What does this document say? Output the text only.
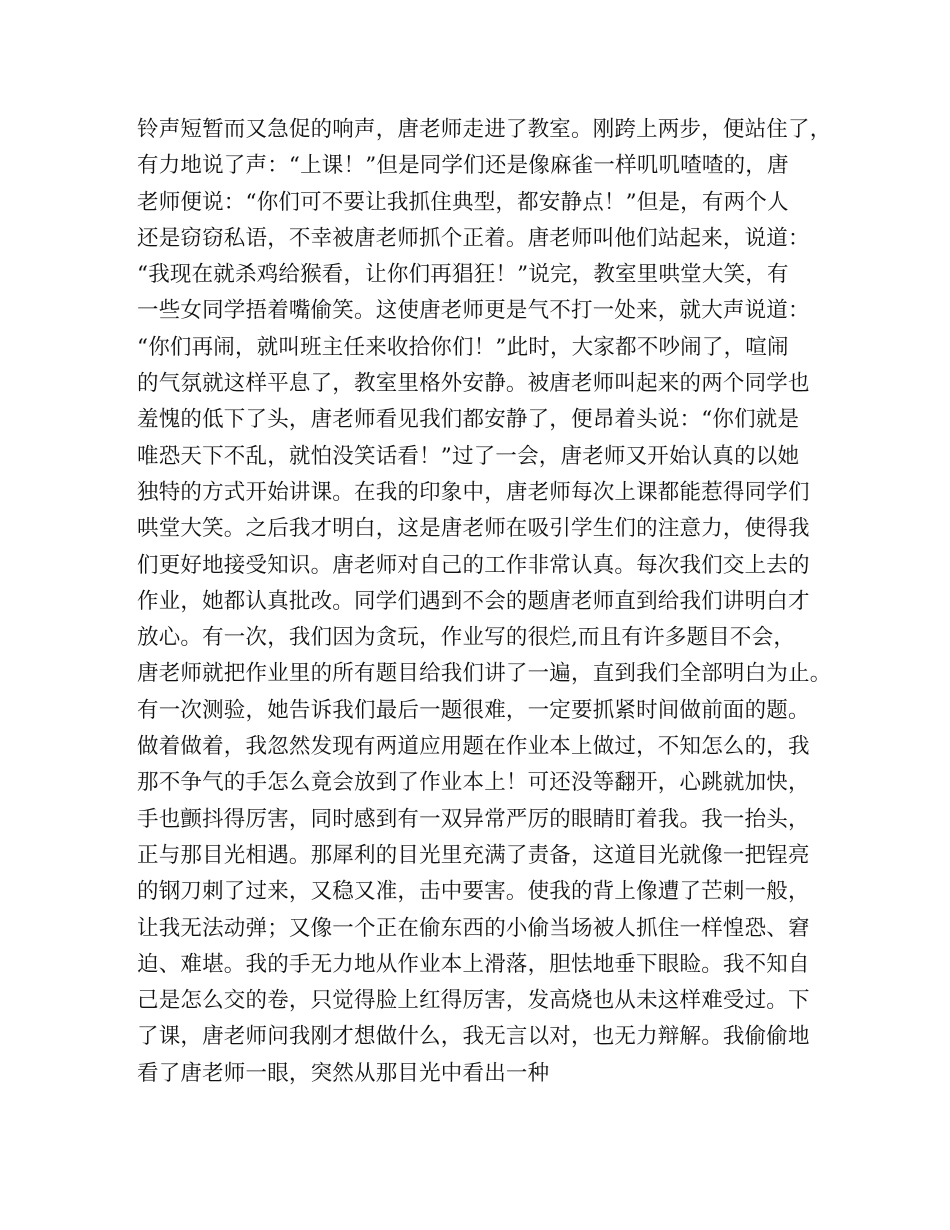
铃声短暂而又急促的响声，唐老师走进了教室。刚跨上两步，便站住了，
有力地说了声：“上课！”但是同学们还是像麻雀一样叽叽喳喳的，唐
老师便说：“你们可不要让我抓住典型，都安静点！”但是，有两个人
还是窃窃私语，不幸被唐老师抓个正着。唐老师叫他们站起来，说道：
“我现在就杀鸡给猴看，让你们再猖狂！”说完，教室里哄堂大笑，有
一些女同学捂着嘴偷笑。这使唐老师更是气不打一处来，就大声说道：
“你们再闹，就叫班主任来收拾你们！”此时，大家都不吵闹了，喧闹
的气氛就这样平息了，教室里格外安静。被唐老师叫起来的两个同学也
羞愧的低下了头，唐老师看见我们都安静了，便昂着头说：“你们就是
唯恐天下不乱，就怕没笑话看！”过了一会，唐老师又开始认真的以她
独特的方式开始讲课。在我的印象中，唐老师每次上课都能惹得同学们
哄堂大笑。之后我才明白，这是唐老师在吸引学生们的注意力，使得我
们更好地接受知识。唐老师对自己的工作非常认真。每次我们交上去的
作业，她都认真批改。同学们遇到不会的题唐老师直到给我们讲明白才
放心。有一次，我们因为贪玩，作业写的很烂,而且有许多题目不会，
唐老师就把作业里的所有题目给我们讲了一遍，直到我们全部明白为止。
有一次测验，她告诉我们最后一题很难，一定要抓紧时间做前面的题。
做着做着，我忽然发现有两道应用题在作业本上做过，不知怎么的，我
那不争气的手怎么竟会放到了作业本上！可还没等翻开，心跳就加快，
手也颤抖得厉害，同时感到有一双异常严厉的眼睛盯着我。我一抬头，
正与那目光相遇。那犀利的目光里充满了责备，这道目光就像一把锃亮
的钢刀刺了过来，又稳又准，击中要害。使我的背上像遭了芒刺一般，
让我无法动弹；又像一个正在偷东西的小偷当场被人抓住一样惶恐、窘
迫、难堪。我的手无力地从作业本上滑落，胆怯地垂下眼睑。我不知自
己是怎么交的卷，只觉得脸上红得厉害，发高烧也从未这样难受过。下
了课，唐老师问我刚才想做什么，我无言以对，也无力辩解。我偷偷地
看了唐老师一眼，突然从那目光中看出一种
